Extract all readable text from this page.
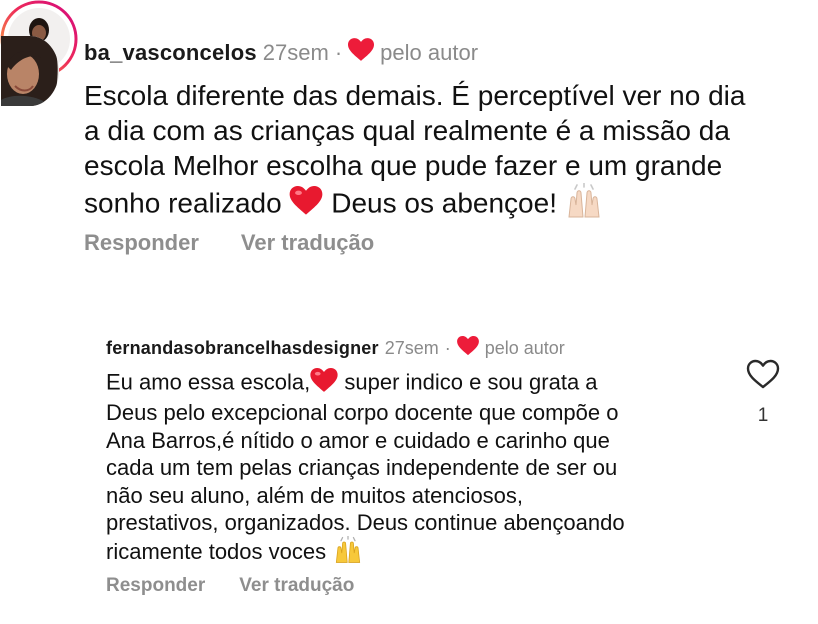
ba_vasconcelos 27sem · pelo autor

Escola diferente das demais. É perceptível ver no dia
a dia com as crianças qual realmente é a missão da
escola Melhor escolha que pude fazer e um grande
sonho realizado Deus os abençoe!

Responder Ver tradução
fernandasobrancelhasdesigner 27sem · pelo autor

Eu amo essa escola, super indico e sou grata a
Deus pelo excepcional corpo docente que compõe o
Ana Barros,é nítido o amor e cuidado e carinho que
cada um tem pelas crianças independente de ser ou
não seu aluno, além de muitos atenciosos,
prestativos, organizados. Deus continue abençoando
ricamente todos voces

Responder Ver tradução
1
